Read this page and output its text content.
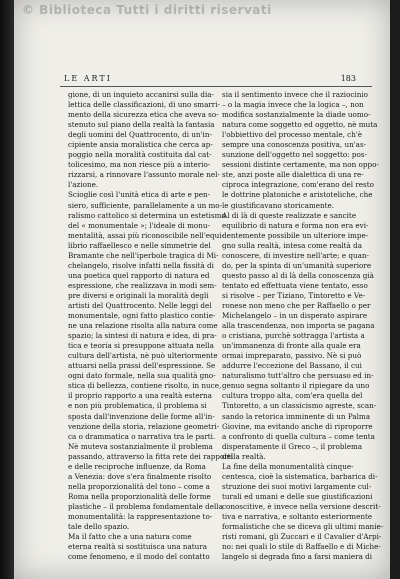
© Biblioteca Tutti i diritti riservati
LE ARTI	183
gione, di un inquieto accanirsi sulla dia-
lettica delle classificazioni, di uno smarri-
mento della sicurezza etica che aveva so-
stenuto sul piano della realtà la fantasia
degli uomini del Quattrocento, di un'in-
cipiente ansia moralistica che cerca ap-
poggio nella moralità costituita dal cat-
tolicesimo, ma non riesce più a interio-
rizzarsi, a rinnovare l'assunto morale nel-
l'azione.
Scioglie così l'unità etica di arte e pen-
siero, sufficiente, parallelamente a un mo-
ralismo cattolico si determina un estetismo
del « monumentale »; l'ideale di monu-
mentalità, assai più riconoscibile nell'equi-
librio raffaellesco e nelle simmetrie del
Bramante che nell'iperbole tragica di Mi-
chelangelo, risolve infatti nella fissità di
una poetica quel rapporto di natura ed
espressione, che realizzava in modi sem-
pre diversi e originali la moralità degli
artisti del Quattrocento. Nelle leggi del
monumentale, ogni fatto plastico contie-
ne una relazione risolta alla natura come
spazio; la sintesi di natura e idea, di pra-
tica e teoria si presuppone attuata nella
cultura dell'artista, nè può ulteriormente
attuarsi nella prassi dell'espressione. Se
ogni dato formale, nella sua qualità gno-
stica di bellezza, contiene risolto, in nuce,
il proprio rapporto a una realtà esterna
e non più problematica, il problema si
sposta dall'invenzione delle forme all'in-
venzione della storia, relazione geometri-
ca o drammatica o narrativa tra le parti.
Nè muteva sostanzialmente il problema
passando, attraverso la fitta rete dei rapporti
e delle reciproche influenze, da Roma
a Venezia: dove s'era finalmente risolto
nella proporzionalità del tono – come a
Roma nella proporzionalità delle forme
plastiche – il problema fondamentale della
monumentalità: la rappresentazione to-
tale dello spazio.
Ma il fatto che a una natura come
eterna realtà si sostituisca una natura
come fenomeno, e il modo del contatto
sia il sentimento invece che il raziocinio
– o la magia invece che la logica –, non
modifica sostanzialmente la diade uomo-
natura come soggetto ed oggetto, nè muta
l'obbiettivo del processo mentale, ch'è
sempre una conoscenza positiva, un'as-
sunzione dell'oggetto nel soggetto: pos-
sessioni distinte certamente, ma non oppo-
ste, anzi poste alle dialettica di una re-
ciproca integrazione, com'erano del resto
le dottrine platoniche e aristoteliche, che
le giustificavano storicamente.
Al di là di queste realizzate e sancite
equilibrio di natura e forma non era evi-
dentemente possibile un ulteriore impe-
gno sulla realtà, intesa come realtà da
conoscere, di investire nell'arte; e quan-
do, per la spinta di un'umanità superiore
questo passo al di là della conoscenza già
tentato ed effettuata viene tentato, esso
si risolve – per Tiziano, Tintoretto e Ve-
ronese non meno che per Raffaello o per
Michelangelo – in un disperato aspirare
alla trascendenza, non importa se pagana
o cristiana, purchè sottragga l'artista a
un'immanenza di fronte alla quale era
ormai impreparato, passivo. Nè si può
addurre l'eccezione del Bassano, il cui
naturalismo tutt'altro che persuaso ed in-
genuo segna soltanto il ripiegare da uno
cultura troppo alta, com'era quella del
Tintoretto, a un classicismo agreste, scan-
sando la retorica imminente di un Palma
Giovine, ma evitando anche di riproporre
a confronto di quella cultura – come tenta
disperatamente il Greco –, il problema
della realtà.
La fine della monumentalità cinque-
centesca, cioè la sistematica, barbarica di-
struzione dei suoi motivi largamente cul-
turali ed umani e delle sue giustificazioni
conoscitive, è invece nella versione descrit-
tiva e narrativa, e soltanto esteriormente
formalistiche che se diceva gli ultimi manie-
risti romani, gli Zuccari e il Cavalier d'Arpi-
no: nei quali lo stile di Raffaello e di Miche-
langelo si degrada fino a farsi maniera di
